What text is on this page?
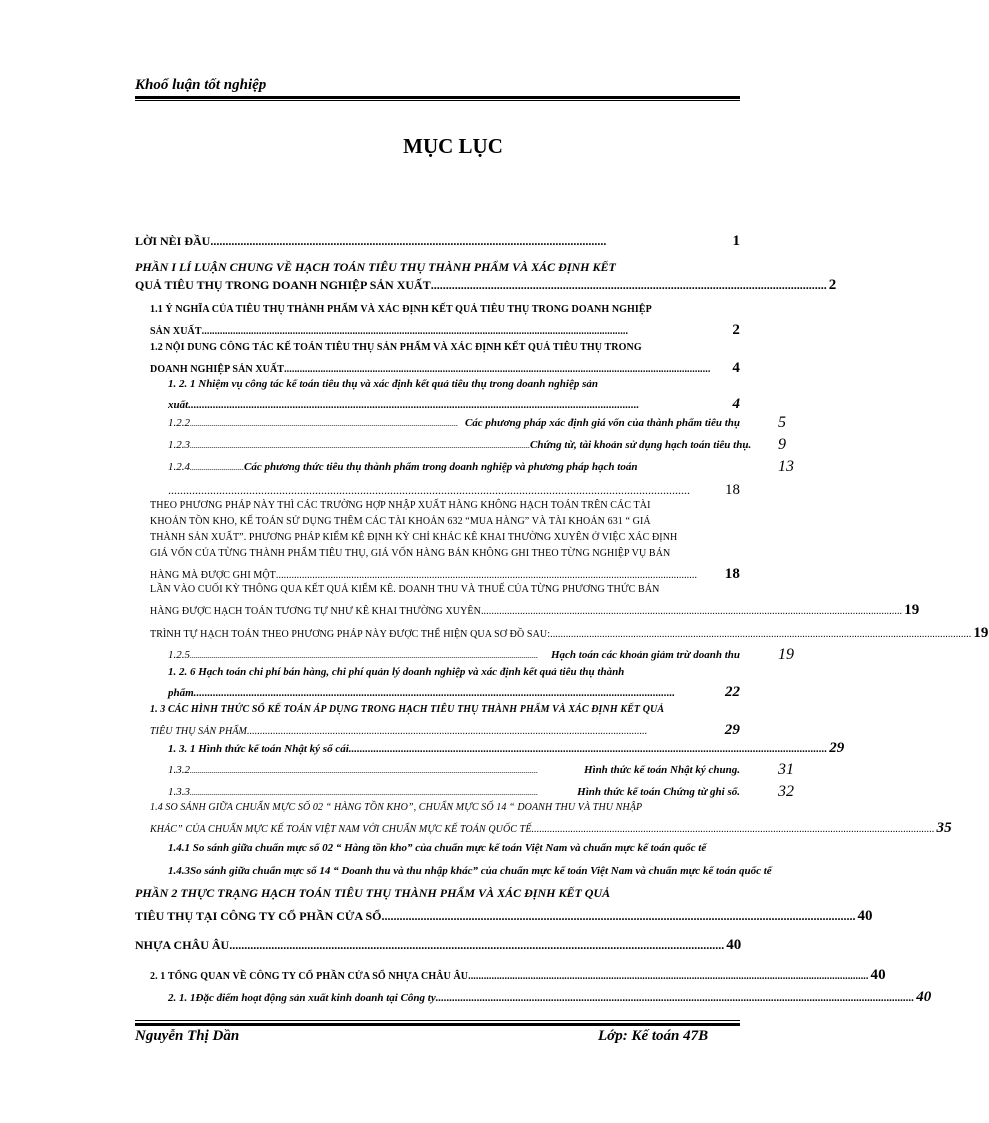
Khoổ luận tốt nghiệp
MỤC LỤC
LỜI NÈI ĐẦU ....................................................................................................................................	1
PHẦN I LÍ LUẬN CHUNG VỀ HẠCH TOÁN TIÊU THỤ THÀNH PHẨM VÀ XÁC ĐỊNH KẾT
QUẢ TIÊU THỤ TRONG DOANH NGHIỆP SẢN XUẤT .................................................................................................................................... 2
1.1 Ý NGHĨA CỦA TIÊU THỤ THÀNH PHẨM VÀ XÁC ĐỊNH KẾT QUẢ TIÊU THỤ TRONG DOANH NGHIỆP
SẢN XUẤT ....................................................................................................................................................................	2
1.2 NỘI DUNG CÔNG TÁC KẾ TOÁN TIÊU THỤ SẢN PHẨM VÀ XÁC ĐỊNH KẾT QUẢ TIÊU THỤ TRONG
DOANH NGHIỆP SẢN XUẤT ....................................................................................................................................................................	4
1. 2. 1 Nhiệm vụ công tác kế toán tiêu thụ và xác định kết quả tiêu thụ trong doanh nghiệp sản
xuất ....................................................................................................................................................................	4
1.2.2 ...................................................................................................................................... Các phương pháp xác định giá vốn của thành phẩm tiêu thụ 5
1.2.3 .......................................................................................................................................................................... Chứng từ, tài khoản sử dụng hạch toán tiêu thụ. 9
1.2.4 ........................... Các phương thức tiêu thụ thành phẩm trong doanh nghiệp và phương pháp hạch toán	13
..............................................................................................................................................................................	18
THEO PHƯƠNG PHÁP NÀY THÌ CÁC TRƯỜNG HỢP NHẬP XUẤT HÀNG KHÔNG HẠCH TOÁN TRÊN CÁC TÀI
KHOẢN TỒN KHO, KẾ TOÁN SỬ DỤNG THÊM CÁC TÀI KHOẢN 632 “MUA HÀNG” VÀ TÀI KHOẢN 631 “ GIÁ
THÀNH SẢN XUẤT”. PHƯƠNG PHÁP KIỂM KÊ ĐỊNH KỲ CHỈ KHÁC KÊ KHAI THƯỜNG XUYÊN Ở VIỆC XÁC ĐỊNH
GIÁ VỐN CỦA TỪNG THÀNH PHẨM TIÊU THỤ, GIÁ VỐN HÀNG BÁN KHÔNG GHI THEO TỪNG NGHIỆP VỤ BÁN
HÀNG MÀ ĐƯỢC GHI MỘT ..................................................................................................................................................................	18
LẦN VÀO CUỐI KỲ THÔNG QUA KẾT QUẢ KIỂM KÊ. DOANH THU VÀ THUẾ CỦA TỪNG PHƯƠNG THỨC BÁN
HÀNG ĐƯỢC HẠCH TOÁN TƯƠNG TỰ NHƯ KÊ KHAI THƯỜNG XUYÊN .................................................................................................................................................................. 19
TRÌNH TỰ HẠCH TOÁN THEO PHƯƠNG PHÁP NÀY ĐƯỢC THỂ HIỆN QUA SƠ ĐỒ SAU: .................................................................................................................................................................. 19
1.2.5 ..............................................................................................................................................................................	Hạch toán các khoản giảm trừ doanh thu 19
1. 2. 6 Hạch toán chi phí bán hàng, chi phí quản lý doanh nghiệp và xác định kết quả tiêu thụ thành
phẩm. ..............................................................................................................................................................................	22
1. 3 CÁC HÌNH THỨC SỔ KẾ TOÁN ÁP DỤNG TRONG HẠCH TIÊU THỤ THÀNH PHẨM VÀ XÁC ĐỊNH KẾT QUẢ
TIÊU THỤ SẢN PHẨM ..........................................................................................................................................................	29
1. 3. 1 Hình thức kế toán Nhật ký sổ cái .............................................................................................................................................................................. 29
1.3.2 ..............................................................................................................................................................................	Hình thức kế toán Nhật ký chung. 31
1.3.3 ..............................................................................................................................................................................	Hình thức kế toán Chứng từ ghi sổ. 32
1.4 SO SÁNH GIỮA CHUẨN MỰC SỐ 02 “ HÀNG TỒN KHO”, CHUẨN MỰC SỐ 14 “ DOANH THU VÀ THU NHẬP
KHÁC” CỦA CHUẨN MỰC KẾ TOÁN VIỆT NAM VỚI CHUẨN MỰC KẾ TOÁN QUỐC TẾ. .......................................................................................................................................................... 35
1.4.1 So sánh giữa chuẩn mực số 02 “ Hàng tồn kho” của chuẩn mực kế toán Việt Nam và chuẩn mực kế toán quốc tế
1.4.3So sánh giữa chuẩn mực số 14 “ Doanh thu và thu nhập khác” của chuẩn mực kế toán Việt Nam và chuẩn mực kế toán quốc tế
PHẦN 2 THỰC TRẠNG HẠCH TOÁN TIÊU THỤ THÀNH PHẨM VÀ XÁC ĐỊNH KẾT QUẢ
TIÊU THỤ TẠI CÔNG TY CỔ PHẦN CỬA SỔ .............................................................................................................................................................. 40
NHỰA CHÂU ÂU ..................................................................................................................................................................... 40
2. 1 TỔNG QUAN VỀ CÔNG TY CỔ PHẦN CỬA SỔ NHỰA CHÂU ÂU .......................................................................................................................................................... 40
2. 1. 1Đặc điểm hoạt động sản xuất kinh doanh tại Công ty .............................................................................................................................................................................. 40
Nguyễn Thị Dần	Lớp: Kế toán 47B
